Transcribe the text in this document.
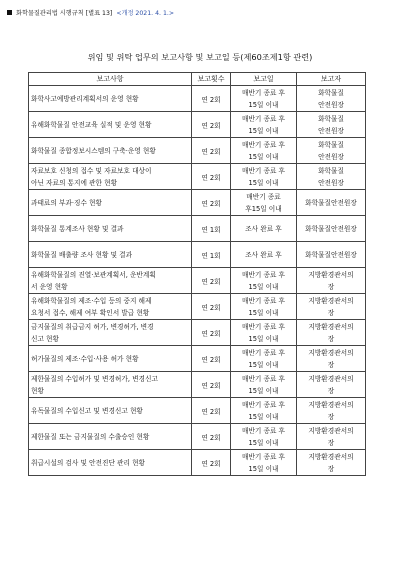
화학물질관리법 시행규칙 [별표 13] <개정 2021. 4. 1.>
위임 및 위탁 업무의 보고사항 및 보고일 등(제60조제1항 관련)
보고사항	보고횟수	보고일	보고자

화학사고예방관리계획서의 운영 현황	연 2회	매반기 종료 후
15일 이내	화학물질
안전원장

유해화학물질 안전교육 실적 및 운영 현황	연 2회	매반기 종료 후
15일 이내	화학물질
안전원장

화학물질 종합정보시스템의 구축·운영 현황	연 2회	매반기 종료 후
15일 이내	화학물질
안전원장

자료보호 신청의 접수 및 자료보호 대상이
아닌 자료의 통지에 관한 현황	연 2회	매반기 종료 후
15일 이내	화학물질
안전원장

과태료의 부과·징수 현황	연 2회	매반기 종료
후15일 이내	화학물질안전원장

화학물질 통계조사 현황 및 결과	연 1회	조사 완료 후	화학물질안전원장

화학물질 배출량 조사 현황 및 결과	연 1회	조사 완료 후	화학물질안전원장

유해화학물질의 진열·보관계획서, 운반계획
서 운영 현황	연 2회	매반기 종료 후
15일 이내	지방환경관서의
장

유해화학물질의 제조·수입 등의 중지 해제
요청서 접수, 해제 여부 확인서 발급 현황	연 2회	매반기 종료 후
15일 이내	지방환경관서의
장

금지물질의 취급금지 허가, 변경허가, 변경
신고 현황	연 2회	매반기 종료 후
15일 이내	지방환경관서의
장

허가물질의 제조·수입·사용 허가 현황	연 2회	매반기 종료 후
15일 이내	지방환경관서의
장

제한물질의 수입허가 및 변경허가, 변경신고
현황	연 2회	매반기 종료 후
15일 이내	지방환경관서의
장

유독물질의 수입신고 및 변경신고 현황	연 2회	매반기 종료 후
15일 이내	지방환경관서의
장

제한물질 또는 금지물질의 수출승인 현황	연 2회	매반기 종료 후
15일 이내	지방환경관서의
장

취급시설의 검사 및 안전진단 관리 현황	연 2회	매반기 종료 후
15일 이내	지방환경관서의
장
